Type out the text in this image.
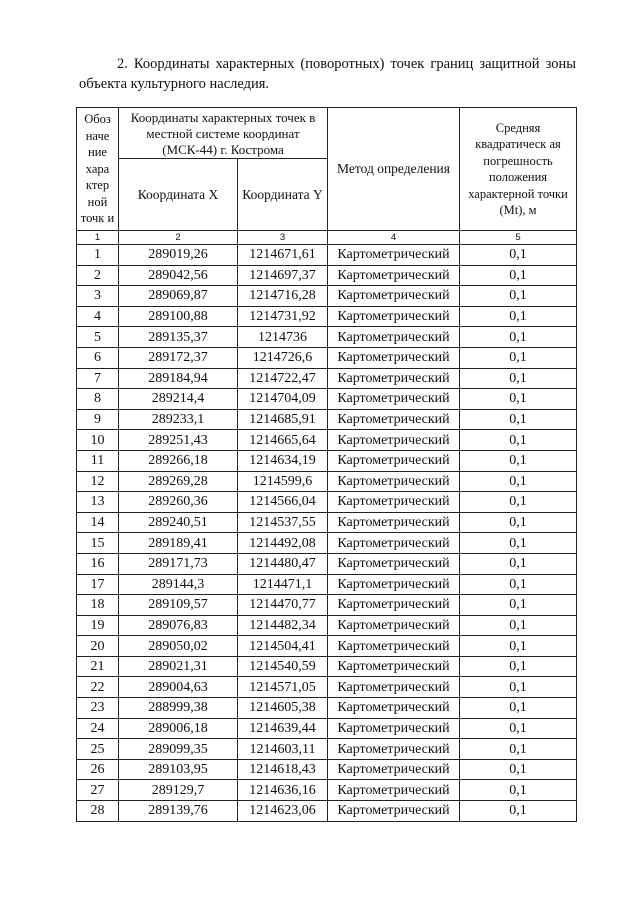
2. Координаты характерных (поворотных) точек границ защитной зоны объекта культурного наследия.
Обоз наче ние хара ктер ной точк и	Координаты характерных точек в местной системе координат (МСК-44) г. Кострома		Метод определения	Средняя квадратическ ая погрешность положения характерной точки (Mt), м
	Координата X	Координата Y		
1	2	3	4	5
1	289019,26	1214671,61	Картометрический	0,1
2	289042,56	1214697,37	Картометрический	0,1
3	289069,87	1214716,28	Картометрический	0,1
4	289100,88	1214731,92	Картометрический	0,1
5	289135,37	1214736	Картометрический	0,1
6	289172,37	1214726,6	Картометрический	0,1
7	289184,94	1214722,47	Картометрический	0,1
8	289214,4	1214704,09	Картометрический	0,1
9	289233,1	1214685,91	Картометрический	0,1
10	289251,43	1214665,64	Картометрический	0,1
11	289266,18	1214634,19	Картометрический	0,1
12	289269,28	1214599,6	Картометрический	0,1
13	289260,36	1214566,04	Картометрический	0,1
14	289240,51	1214537,55	Картометрический	0,1
15	289189,41	1214492,08	Картометрический	0,1
16	289171,73	1214480,47	Картометрический	0,1
17	289144,3	1214471,1	Картометрический	0,1
18	289109,57	1214470,77	Картометрический	0,1
19	289076,83	1214482,34	Картометрический	0,1
20	289050,02	1214504,41	Картометрический	0,1
21	289021,31	1214540,59	Картометрический	0,1
22	289004,63	1214571,05	Картометрический	0,1
23	288999,38	1214605,38	Картометрический	0,1
24	289006,18	1214639,44	Картометрический	0,1
25	289099,35	1214603,11	Картометрический	0,1
26	289103,95	1214618,43	Картометрический	0,1
27	289129,7	1214636,16	Картометрический	0,1
28	289139,76	1214623,06	Картометрический	0,1
